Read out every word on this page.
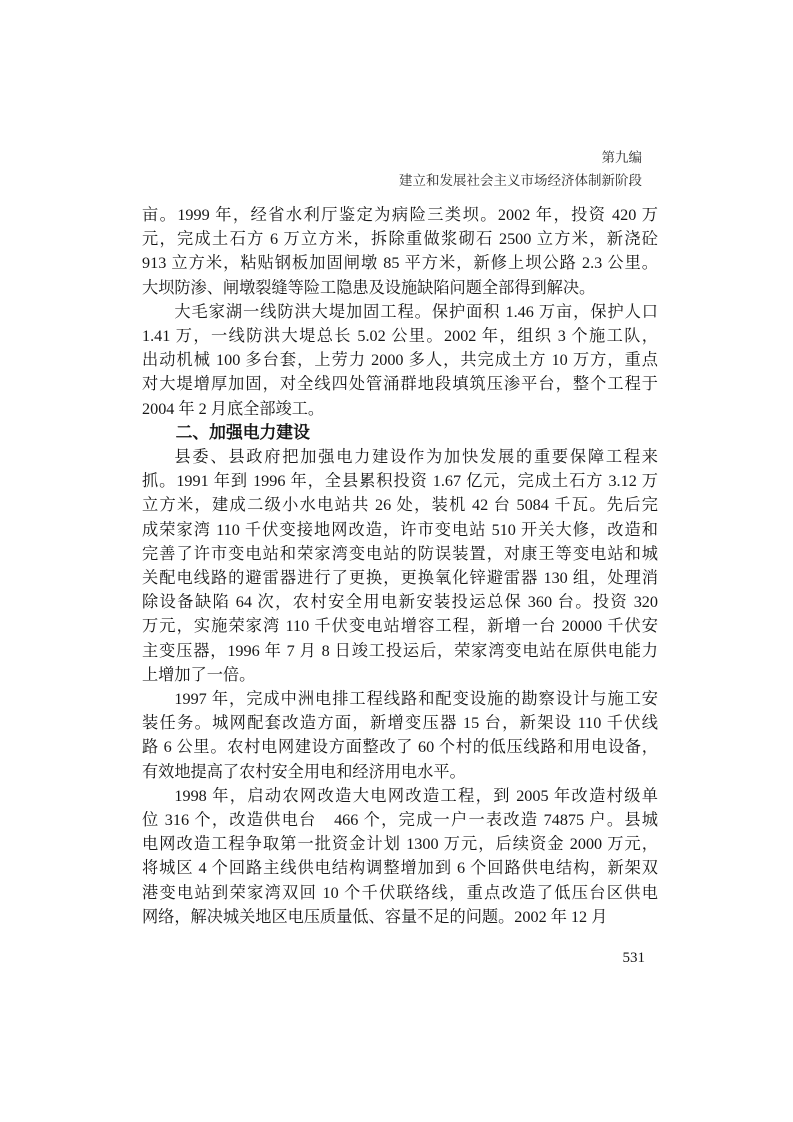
第九编
建立和发展社会主义市场经济体制新阶段
亩。1999 年，经省水利厅鉴定为病险三类坝。2002 年，投资 420 万
元，完成土石方 6 万立方米，拆除重做浆砌石 2500 立方米，新浇砼
913 立方米，粘贴钢板加固闸墩 85 平方米，新修上坝公路 2.3 公里。
大坝防渗、闸墩裂缝等险工隐患及设施缺陷问题全部得到解决。
大毛家湖一线防洪大堤加固工程。保护面积 1.46 万亩，保护人口
1.41 万，一线防洪大堤总长 5.02 公里。2002 年，组织 3 个施工队，
出动机械 100 多台套，上劳力 2000 多人，共完成土方 10 万方，重点
对大堤增厚加固，对全线四处管涌群地段填筑压渗平台，整个工程于
2004 年 2 月底全部竣工。
二、加强电力建设
县委、县政府把加强电力建设作为加快发展的重要保障工程来
抓。1991 年到 1996 年，全县累积投资 1.67 亿元，完成土石方 3.12 万
立方米，建成二级小水电站共 26 处，装机 42 台 5084 千瓦。先后完
成荣家湾 110 千伏变接地网改造，许市变电站 510 开关大修，改造和
完善了许市变电站和荣家湾变电站的防误装置，对康王等变电站和城
关配电线路的避雷器进行了更换，更换氧化锌避雷器 130 组，处理消
除设备缺陷 64 次，农村安全用电新安装投运总保 360 台。投资 320
万元，实施荣家湾 110 千伏变电站增容工程，新增一台 20000 千伏安
主变压器，1996 年 7 月 8 日竣工投运后，荣家湾变电站在原供电能力
上增加了一倍。
1997 年，完成中洲电排工程线路和配变设施的勘察设计与施工安
装任务。城网配套改造方面，新增变压器 15 台，新架设 110 千伏线
路 6 公里。农村电网建设方面整改了 60 个村的低压线路和用电设备，
有效地提高了农村安全用电和经济用电水平。
1998 年，启动农网改造大电网改造工程，到 2005 年改造村级单
位 316 个，改造供电台　466 个，完成一户一表改造 74875 户。县城
电网改造工程争取第一批资金计划 1300 万元，后续资金 2000 万元，
将城区 4 个回路主线供电结构调整增加到 6 个回路供电结构，新架双
港变电站到荣家湾双回 10 个千伏联络线，重点改造了低压台区供电
网络，解决城关地区电压质量低、容量不足的问题。2002 年 12 月
531
